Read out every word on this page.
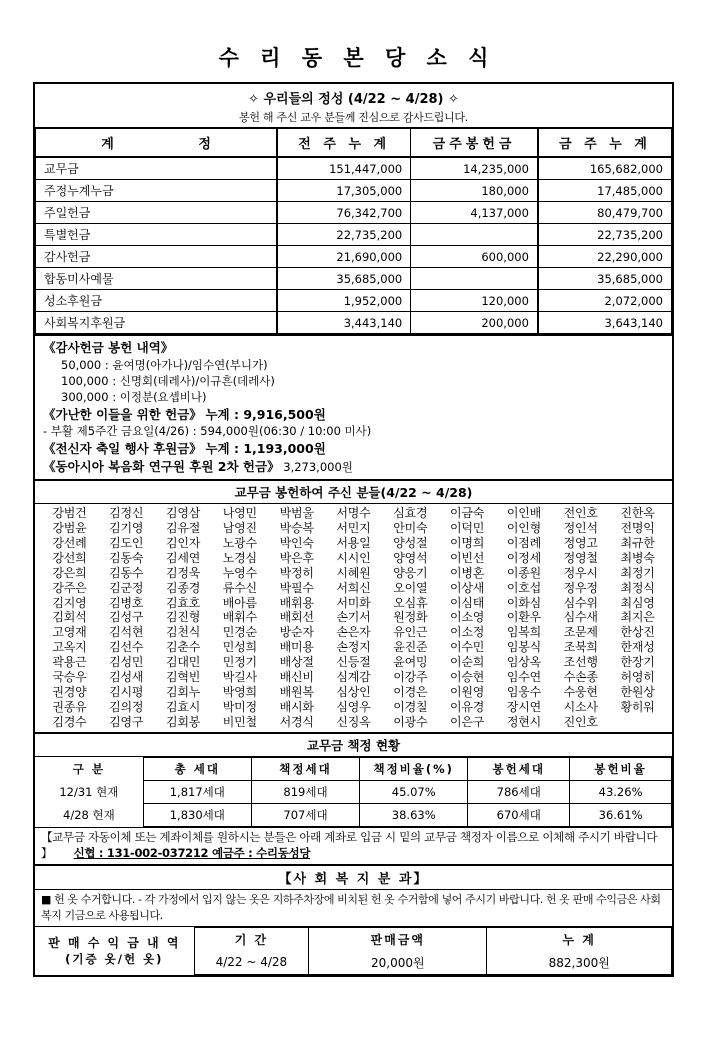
수 리 동 본 당 소 식
✧ 우리들의 정성 (4/22 ~ 4/28) ✧
봉헌 해 주신 교우 분들께 진심으로 감사드립니다.
계 정	전 주 누 계	금주봉헌금	금 주 누 계
교무금	151,447,000	14,235,000	165,682,000
주정누계누금	17,305,000	180,000	17,485,000
주일헌금	76,342,700	4,137,000	80,479,700
특별헌금	22,735,200		22,735,200
감사헌금	21,690,000	600,000	22,290,000
합동미사예물	35,685,000		35,685,000
성소후원금	1,952,000	120,000	2,072,000
사회복지후원금	3,443,140	200,000	3,643,140
《감사헌금 봉헌 내역》
50,000 : 윤여명(아가나)/임수연(부니가)
100,000 : 신명회(데레사)/이규흔(데레사)
300,000 : 이정분(요셉비나)
《가난한 이들을 위한 헌금》 누계 : 9,916,500원
- 부활 제5주간 금요일(4/26) : 594,000원(06:30 / 10:00 미사)
《전신자 축일 행사 후원금》 누계 : 1,193,000원
《동아시아 복음화 연구원 후원 2차 헌금》 3,273,000원
교무금 봉헌하여 주신 분들(4/22 ~ 4/28)
강범건	김정신	김영삼	나영민	박범울	서명수	심효경	이금숙	이인배	전인호	진한옥
강범윤	김기영	김유절	남영진	박승복	서민지	안미숙	이덕민	이인형	정인석	전명익
강선례	김도인	김인자	노광수	박인숙	서용일	양성절	이명희	이점례	정영고	최규한
강선희	김동숙	김세연	노경심	박은후	시시인	양영석	이빈선	이정세	정영철	최병숙
강은희	김동수	김정욱	누영수	박정히	시혜원	양응기	이병혼	이종원	정우시	최정기
강주은	김군정	김종경	류수신	박필수	서희신	오이열	이상새	이호섭	정우정	최정식
김지영	김병호	김효호	배아름	배휘용	서미화	오심휴	이심태	이화심	심수위	최심영
김회석	김성구	김진형	배휘수	배회선	손기서	원정화	이소영	이환우	심수새	최지은
고영재	김석현	김천식	민경순	방순자	손은자	유인근	이소정	임복희	조문제	한상진
고옥지	김선수	김춘수	민성희	배미용	손정지	윤진준	이수민	임봉식	조북희	한재성
곽용근	김성민	김대민	민정기	배상절	신등절	윤여밍	이순희	임상옥	조선행	한장기
국승우	김성새	김혁빈	박길사	배신비	심계감	이강주	이승현	임수연	수손종	허영히
권경양	김시평	김회누	박영희	배원복	심상인	이경은	이원영	임웅수	수웅현	한원상
권종유	김의정	김효시	박미정	배시화	심영우	이경칠	이유경	장시연	시소사	황히워
김경수	김영구	김회봉	비민철	서경식	신징옥	이광수	이은구	정현시	진인호	
교무금 책정 현황
구 분	총 세대	책정세대	책정비율(%)	봉헌세대	봉헌비율
12/31 현재	1,817세대	819세대	45.07%	786세대	43.26%
4/28 현재	1,830세대	707세대	38.63%	670세대	36.61%
【교무금 자동이체 또는 계좌이체를 원하시는 분들은 아래 계좌로 입금 시 밑의 교무금 책정자 이름으로 이체해 주시기 바랍니다 】 신협 : 131-002-037212 예금주 : 수리동성당
【사 회 복 지 분 과】
■ 헌 옷 수거합니다. - 각 가정에서 입지 않는 옷은 지하주차장에 비치된 헌 옷 수거함에 넣어 주시기 바랍니다. 헌 옷 판매 수익금은 사회복지 기금으로 사용됩니다.
판 매 수 익 금 내 역
(기증 옷/헌 옷)	기 간	판매금액	누 계
	4/22 ~ 4/28	20,000원	882,300원
